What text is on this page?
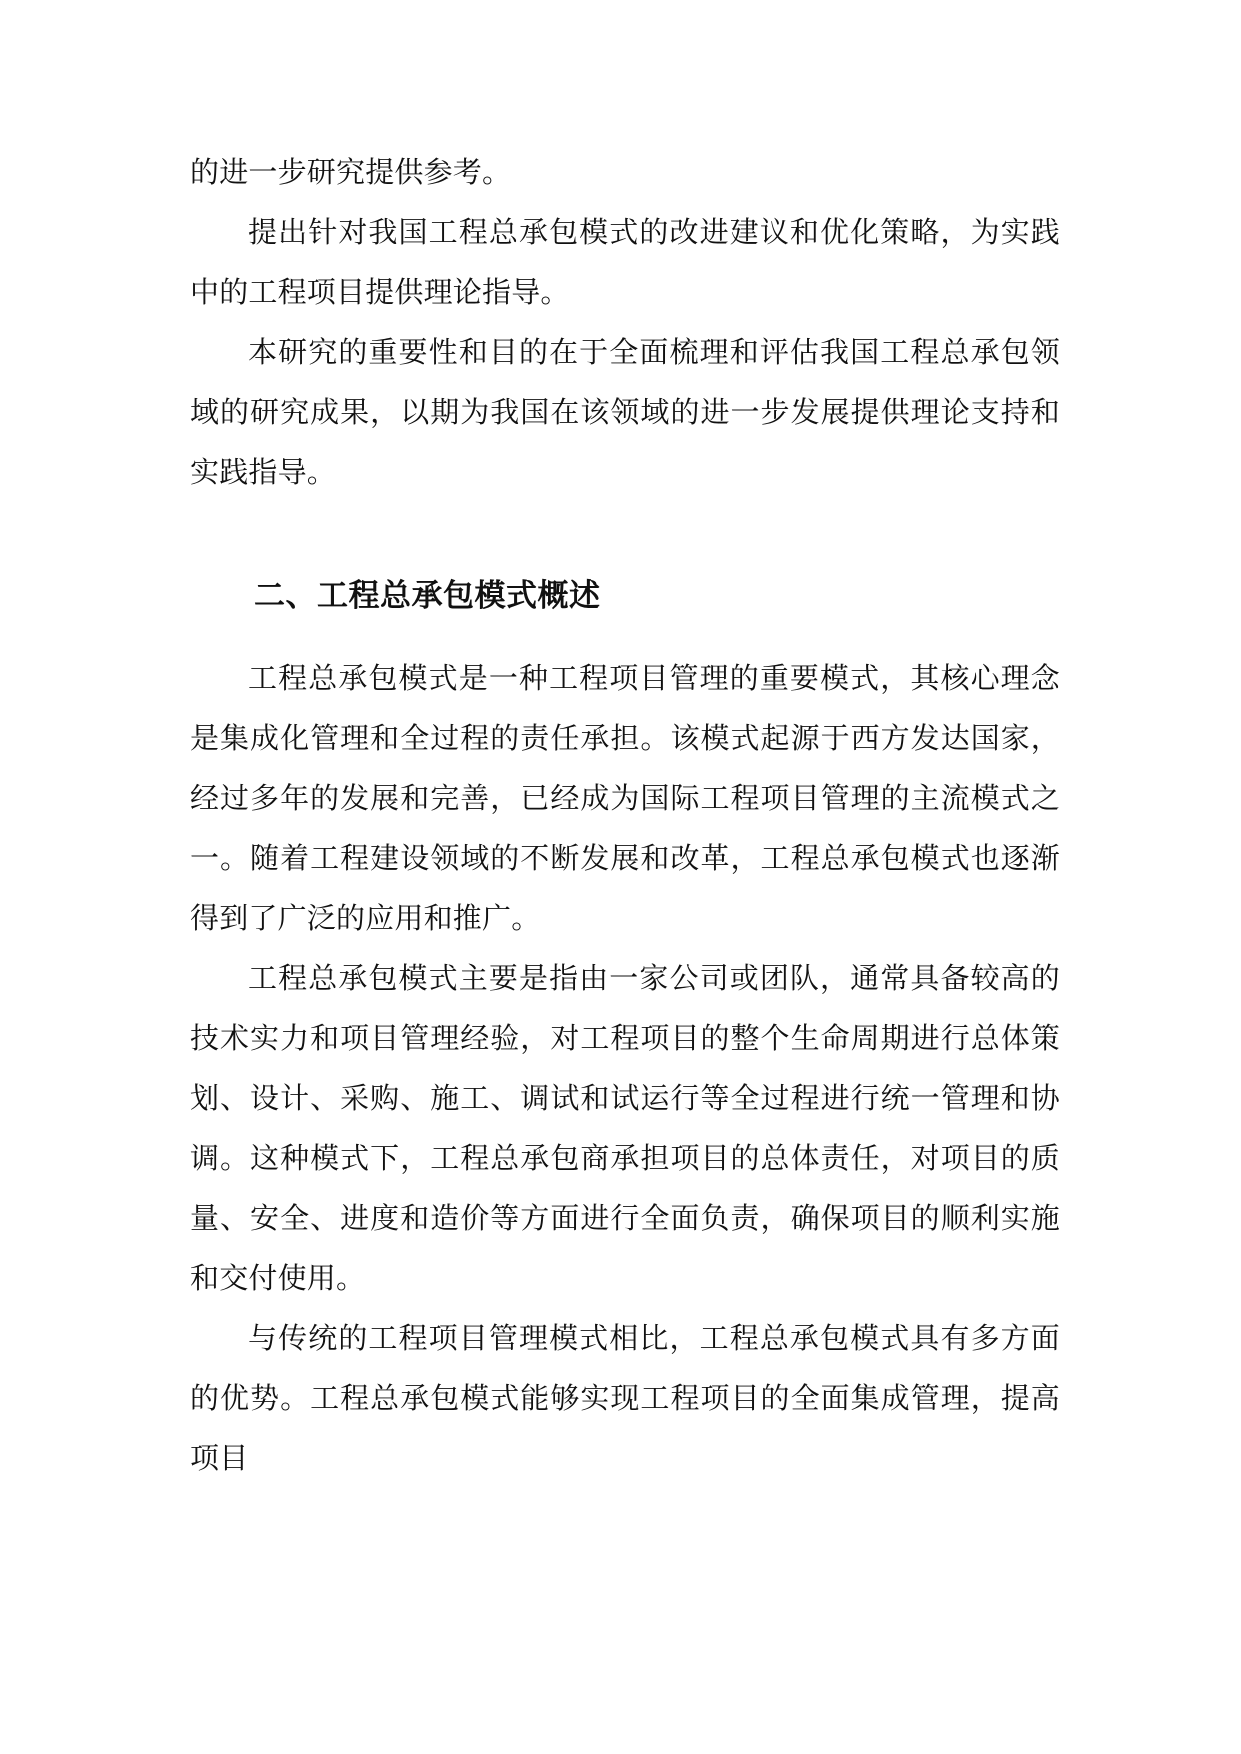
的进一步研究提供参考。

提出针对我国工程总承包模式的改进建议和优化策略，为实践中的工程项目提供理论指导。

本研究的重要性和目的在于全面梳理和评估我国工程总承包领域的研究成果，以期为我国在该领域的进一步发展提供理论支持和实践指导。

二、工程总承包模式概述

工程总承包模式是一种工程项目管理的重要模式，其核心理念是集成化管理和全过程的责任承担。该模式起源于西方发达国家，经过多年的发展和完善，已经成为国际工程项目管理的主流模式之一。随着工程建设领域的不断发展和改革，工程总承包模式也逐渐得到了广泛的应用和推广。

工程总承包模式主要是指由一家公司或团队，通常具备较高的技术实力和项目管理经验，对工程项目的整个生命周期进行总体策划、设计、采购、施工、调试和试运行等全过程进行统一管理和协调。这种模式下，工程总承包商承担项目的总体责任，对项目的质量、安全、进度和造价等方面进行全面负责，确保项目的顺利实施和交付使用。

与传统的工程项目管理模式相比，工程总承包模式具有多方面的优势。工程总承包模式能够实现工程项目的全面集成管理，提高项目
